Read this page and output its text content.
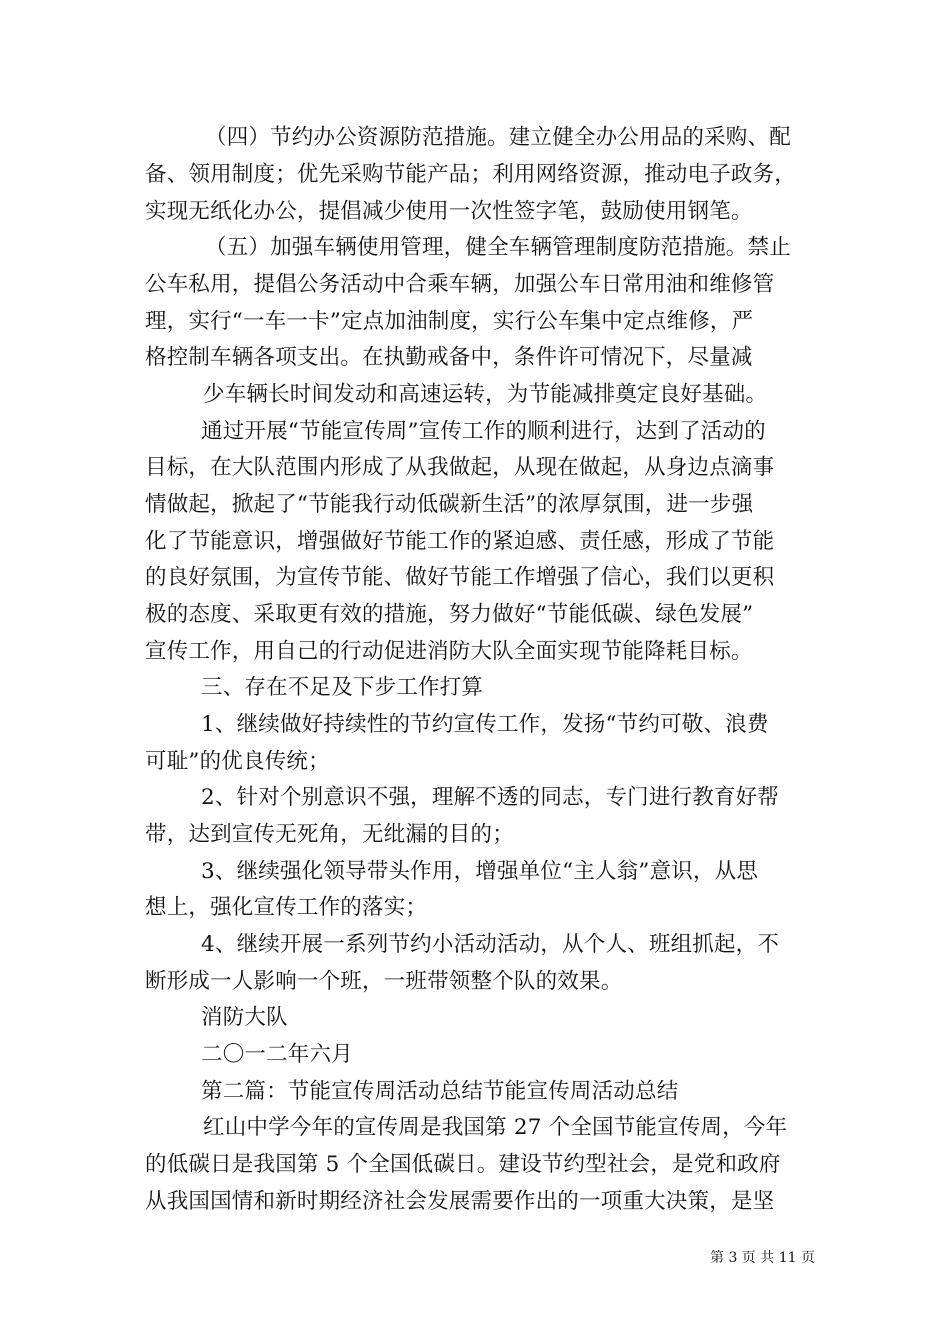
（四）节约办公资源防范措施。建立健全办公用品的采购、配
备、领用制度；优先采购节能产品；利用网络资源，推动电子政务，
实现无纸化办公，提倡减少使用一次性签字笔，鼓励使用钢笔。
（五）加强车辆使用管理，健全车辆管理制度防范措施。禁止
公车私用，提倡公务活动中合乘车辆，加强公车日常用油和维修管
理，实行“一车一卡”定点加油制度，实行公车集中定点维修，严
格控制车辆各项支出。在执勤戒备中，条件许可情况下，尽量减
少车辆长时间发动和高速运转，为节能减排奠定良好基础。
通过开展“节能宣传周”宣传工作的顺利进行，达到了活动的
目标，在大队范围内形成了从我做起，从现在做起，从身边点滴事
情做起，掀起了“节能我行动低碳新生活”的浓厚氛围，进一步强
化了节能意识，增强做好节能工作的紧迫感、责任感，形成了节能
的良好氛围，为宣传节能、做好节能工作增强了信心，我们以更积
极的态度、采取更有效的措施，努力做好“节能低碳、绿色发展”
宣传工作，用自己的行动促进消防大队全面实现节能降耗目标。
三、存在不足及下步工作打算
1、继续做好持续性的节约宣传工作，发扬“节约可敬、浪费
可耻”的优良传统；
2、针对个别意识不强，理解不透的同志，专门进行教育好帮
带，达到宣传无死角，无纰漏的目的；
3、继续强化领导带头作用，增强单位“主人翁”意识，从思
想上，强化宣传工作的落实；
4、继续开展一系列节约小活动活动，从个人、班组抓起，不
断形成一人影响一个班，一班带领整个队的效果。
消防大队
二〇一二年六月
第二篇：节能宣传周活动总结节能宣传周活动总结
红山中学今年的宣传周是我国第 27 个全国节能宣传周，今年
的低碳日是我国第 5 个全国低碳日。建设节约型社会，是党和政府
从我国国情和新时期经济社会发展需要作出的一项重大决策，是坚
第 3 页 共 11 页
